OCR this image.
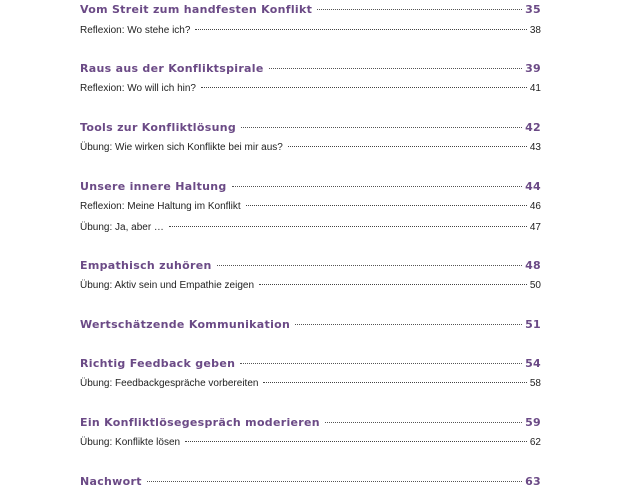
Vom Streit zum handfesten Konflikt	35
Reflexion: Wo stehe ich?	38
Raus aus der Konfliktspirale	39
Reflexion: Wo will ich hin?	41
Tools zur Konfliktlösung	42
Übung: Wie wirken sich Konflikte bei mir aus?	43
Unsere innere Haltung	44
Reflexion: Meine Haltung im Konflikt	46
Übung: Ja, aber …	47
Empathisch zuhören	48
Übung: Aktiv sein und Empathie zeigen	50
Wertschätzende Kommunikation	51
Richtig Feedback geben	54
Übung: Feedbackgespräche vorbereiten	58
Ein Konfliktlösegespräch moderieren	59
Übung: Konflikte lösen	62
Nachwort	63
